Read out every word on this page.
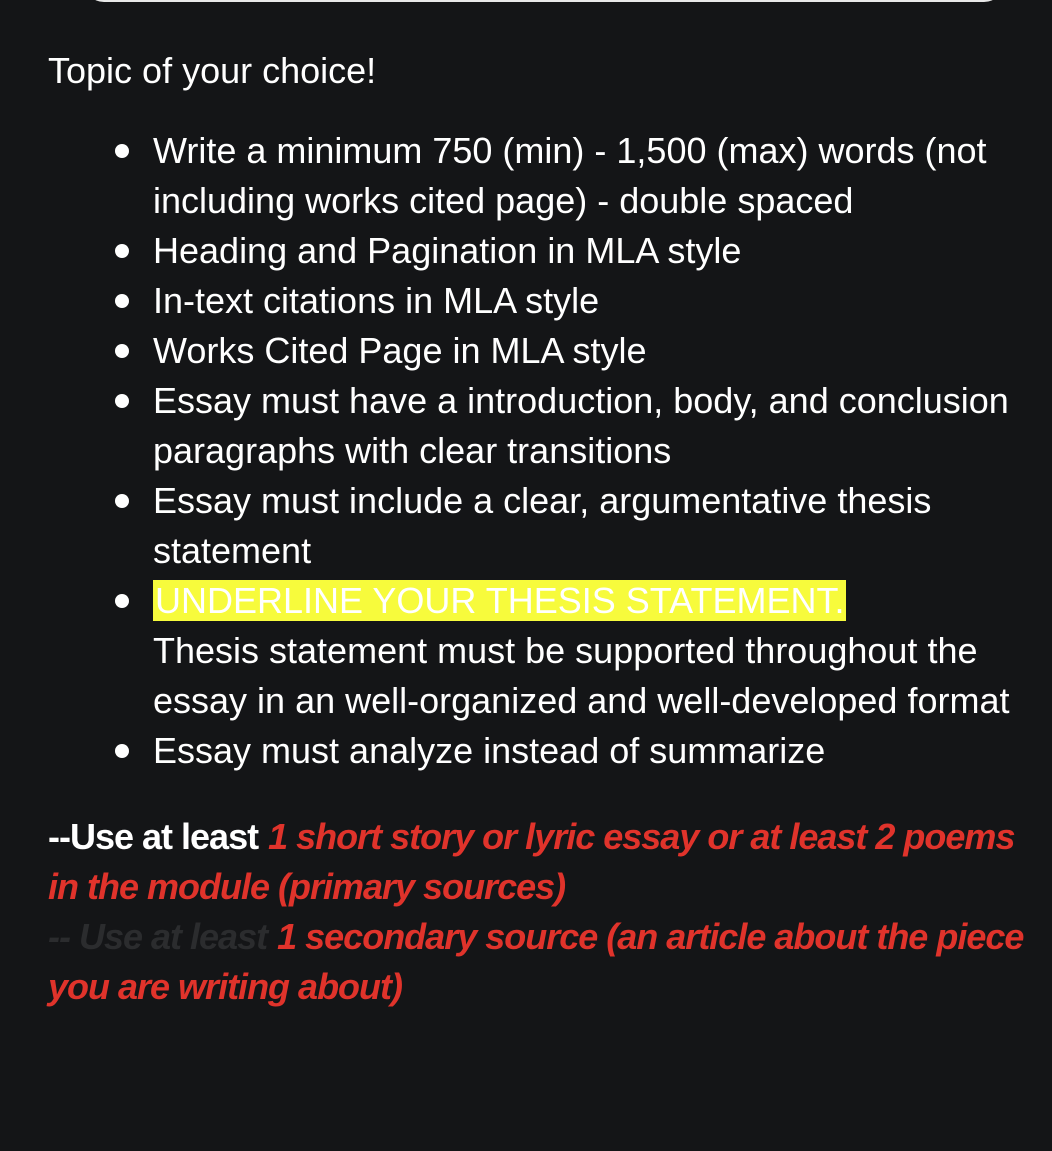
Topic of your choice!
Write a minimum 750 (min) - 1,500 (max) words (not including works cited page) - double spaced
Heading and Pagination in MLA style
In-text citations in MLA style
Works Cited Page in MLA style
Essay must have a introduction, body, and conclusion paragraphs with clear transitions
Essay must include a clear, argumentative thesis statement
UNDERLINE YOUR THESIS STATEMENT.
Thesis statement must be supported throughout the essay in an well-organized and well-developed format
Essay must analyze instead of summarize
--Use at least 1 short story or lyric essay or at least 2 poems in the module (primary sources)
-- Use at least 1 secondary source (an article about the piece you are writing about)
